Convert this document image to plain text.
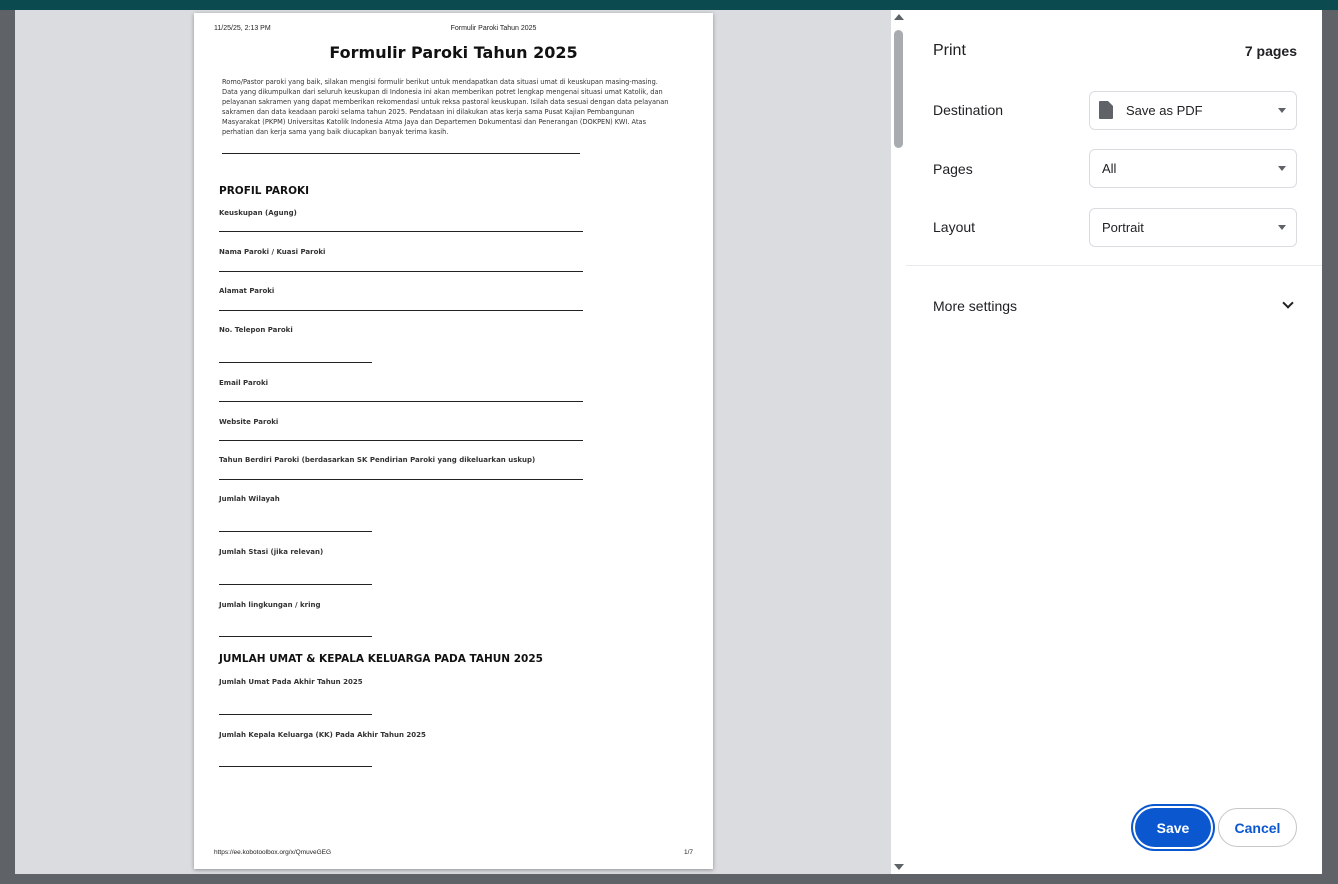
11/25/25, 2:13 PM	Formulir Paroki Tahun 2025
Formulir Paroki Tahun 2025
Romo/Pastor paroki yang baik, silakan mengisi formulir berikut untuk mendapatkan data situasi umat di keuskupan masing-masing. Data yang dikumpulkan dari seluruh keuskupan di Indonesia ini akan memberikan potret lengkap mengenai situasi umat Katolik, dan pelayanan sakramen yang dapat memberikan rekomendasi untuk reksa pastoral keuskupan. Isilah data sesuai dengan data pelayanan sakramen dan data keadaan paroki selama tahun 2025. Pendataan ini dilakukan atas kerja sama Pusat Kajian Pembangunan Masyarakat (PKPM) Universitas Katolik Indonesia Atma Jaya dan Departemen Dokumentasi dan Penerangan (DOKPEN) KWI. Atas perhatian dan kerja sama yang baik diucapkan banyak terima kasih.
PROFIL PAROKI
Keuskupan (Agung)
Nama Paroki / Kuasi Paroki
Alamat Paroki
No. Telepon Paroki
Email Paroki
Website Paroki
Tahun Berdiri Paroki (berdasarkan SK Pendirian Paroki yang dikeluarkan uskup)
Jumlah Wilayah
Jumlah Stasi (jika relevan)
Jumlah lingkungan / kring
JUMLAH UMAT & KEPALA KELUARGA PADA TAHUN 2025
Jumlah Umat Pada Akhir Tahun 2025
Jumlah Kepala Keluarga (KK) Pada Akhir Tahun 2025
https://ee.kobotoolbox.org/x/QmuveGEG	1/7
Print	7 pages
Destination	Save as PDF
Pages	All
Layout	Portrait
More settings
Save	Cancel
